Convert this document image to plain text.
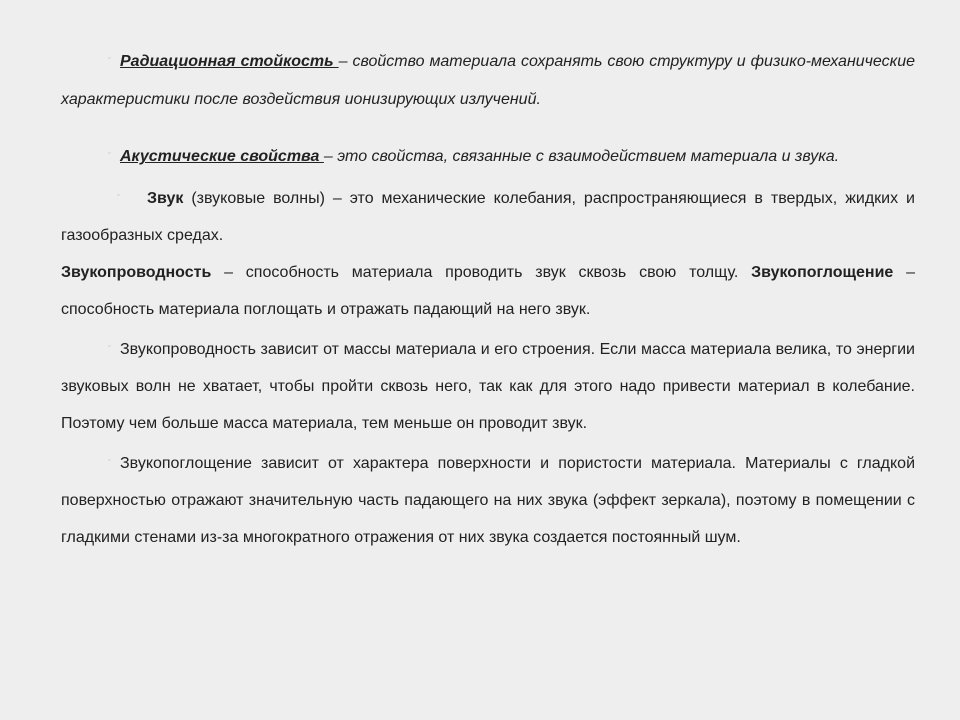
▫ Радиационная стойкость – свойство материала сохранять свою структуру и физико-механические характеристики после воздействия ионизирующих излучений.

▫ Акустические свойства – это свойства, связанные с взаимодействием материала и звука.

▫ Звук (звуковые волны) – это механические колебания, распространяющиеся в твердых, жидких и газообразных средах.

Звукопроводность – способность материала проводить звук сквозь свою толщу. Звукопоглощение – способность материала поглощать и отражать падающий на него звук.

▫ Звукопроводность зависит от массы материала и его строения. Если масса материала велика, то энергии звуковых волн не хватает, чтобы пройти сквозь него, так как для этого надо привести материал в колебание. Поэтому чем больше масса материала, тем меньше он проводит звук.

▫ Звукопоглощение зависит от характера поверхности и пористости материала. Материалы с гладкой поверхностью отражают значительную часть падающего на них звука (эффект зеркала), поэтому в помещении с гладкими стенами из-за многократного отражения от них звука создается постоянный шум.
